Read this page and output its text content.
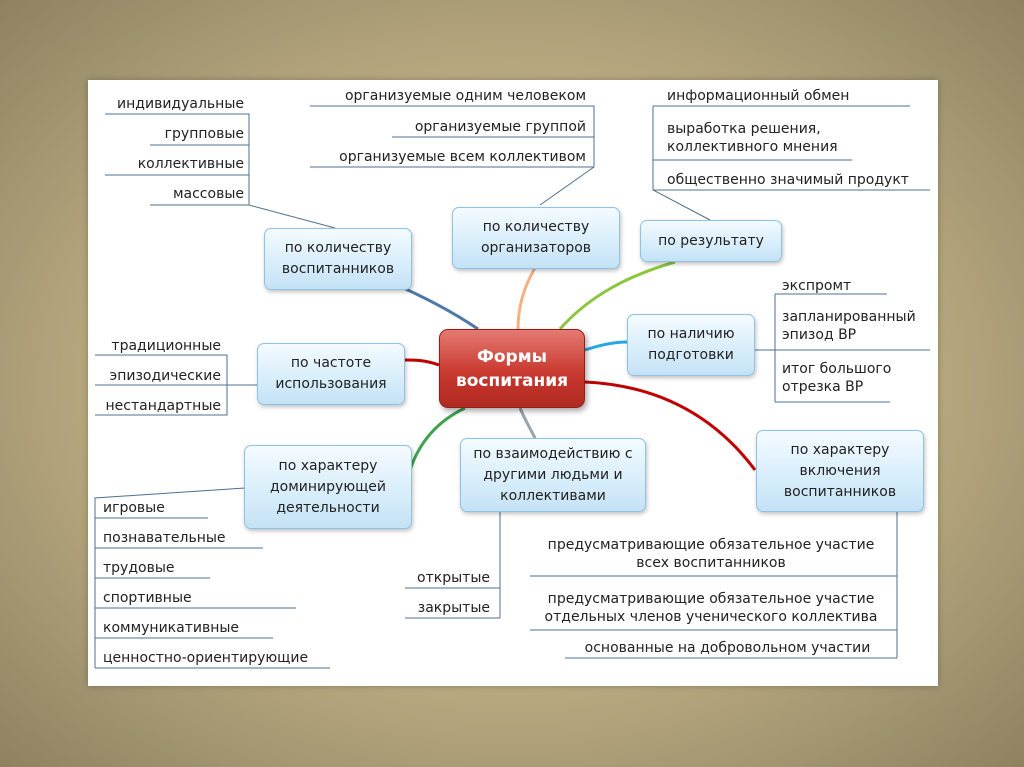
Формы воспитания
по количеству воспитанников
по количеству организаторов	по результату
по наличию подготовки
по частоте использования
по характеру доминирующей деятельности
по взаимодействию с другими людьми и коллективами
по характеру включения воспитанников
индивидуальные
групповые
коллективные
массовые
организуемые одним человеком
организуемые группой
организуемые всем коллективом
информационный обмен
выработка решения,
коллективного мнения
общественно значимый продукт
экспромт
запланированный
эпизод ВР
итог большого
отрезка ВР
традиционные
эпизодические
нестандартные
игровые
познавательные
трудовые
спортивные
коммуникативные
ценностно-ориентирующие
открытые
закрытые
предусматривающие обязательное участие
всех воспитанников
предусматривающие обязательное участие
отдельных членов ученического коллектива
основанные на добровольном участии
